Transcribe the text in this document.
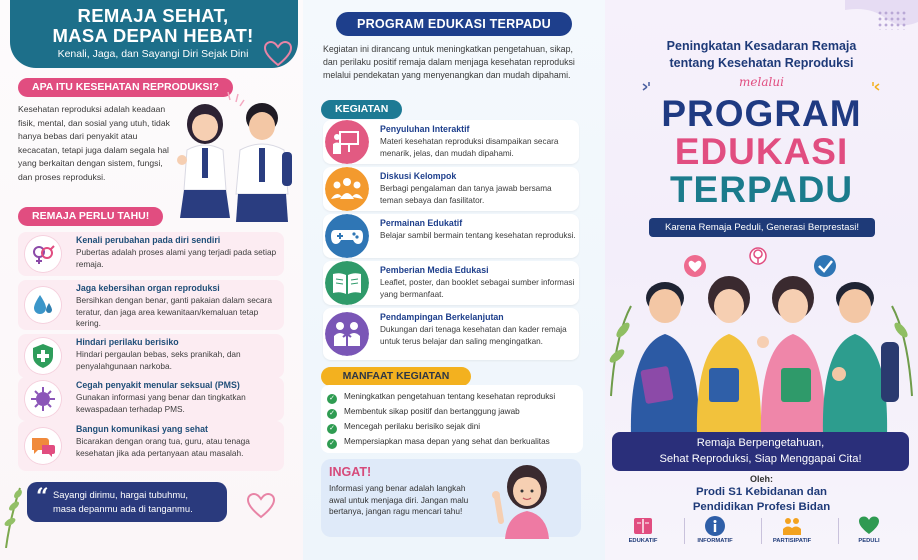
REMAJA SEHAT,
MASA DEPAN HEBAT!
Kenali, Jaga, dan Sayangi Diri Sejak Dini
APA ITU KESEHATAN REPRODUKSI?
Kesehatan reproduksi adalah keadaan fisik, mental, dan sosial yang utuh, tidak hanya bebas dari penyakit atau kecacatan, tetapi juga dalam segala hal yang berkaitan dengan sistem, fungsi, dan proses reproduksi.
REMAJA PERLU TAHU!
Kenali perubahan pada diri sendiri
Pubertas adalah proses alami yang terjadi pada setiap remaja.
Jaga kebersihan organ reproduksi
Bersihkan dengan benar, ganti pakaian dalam secara teratur, dan jaga area kewanitaan/kemaluan tetap kering.
Hindari perilaku berisiko
Hindari pergaulan bebas, seks pranikah, dan penyalahgunaan narkoba.
Cegah penyakit menular seksual (PMS)
Gunakan informasi yang benar dan tingkatkan kewaspadaan terhadap PMS.
Bangun komunikasi yang sehat
Bicarakan dengan orang tua, guru, atau tenaga kesehatan jika ada pertanyaan atau masalah.
“ Sayangi dirimu, hargai tubuhmu,
masa depanmu ada di tanganmu.
PROGRAM EDUKASI TERPADU
Kegiatan ini dirancang untuk meningkatkan pengetahuan, sikap, dan perilaku positif remaja dalam menjaga kesehatan reproduksi melalui pendekatan yang menyenangkan dan mudah dipahami.
KEGIATAN
Penyuluhan Interaktif
Materi kesehatan reproduksi disampaikan secara menarik, jelas, dan mudah dipahami.
Diskusi Kelompok
Berbagi pengalaman dan tanya jawab bersama teman sebaya dan fasilitator.
Permainan Edukatif
Belajar sambil bermain tentang kesehatan reproduksi.
Pemberian Media Edukasi
Leaflet, poster, dan booklet sebagai sumber informasi yang bermanfaat.
Pendampingan Berkelanjutan
Dukungan dari tenaga kesehatan dan kader remaja untuk terus belajar dan saling mengingatkan.
MANFAAT KEGIATAN
✓ Meningkatkan pengetahuan tentang kesehatan reproduksi
✓ Membentuk sikap positif dan bertanggung jawab
✓ Mencegah perilaku berisiko sejak dini
✓ Mempersiapkan masa depan yang sehat dan berkualitas
INGAT!
Informasi yang benar adalah langkah awal untuk menjaga diri. Jangan malu bertanya, jangan ragu mencari tahu!
Peningkatan Kesadaran Remaja
tentang Kesehatan Reproduksi
melalui
PROGRAM
EDUKASI
TERPADU
Karena Remaja Peduli, Generasi Berprestasi!
Remaja Berpengetahuan,
Sehat Reproduksi, Siap Menggapai Cita!
Oleh:
Prodi S1 Kebidanan dan
Pendidikan Profesi Bidan
EDUKATIF	INFORMATIF	PARTISIPATIF	PEDULI
